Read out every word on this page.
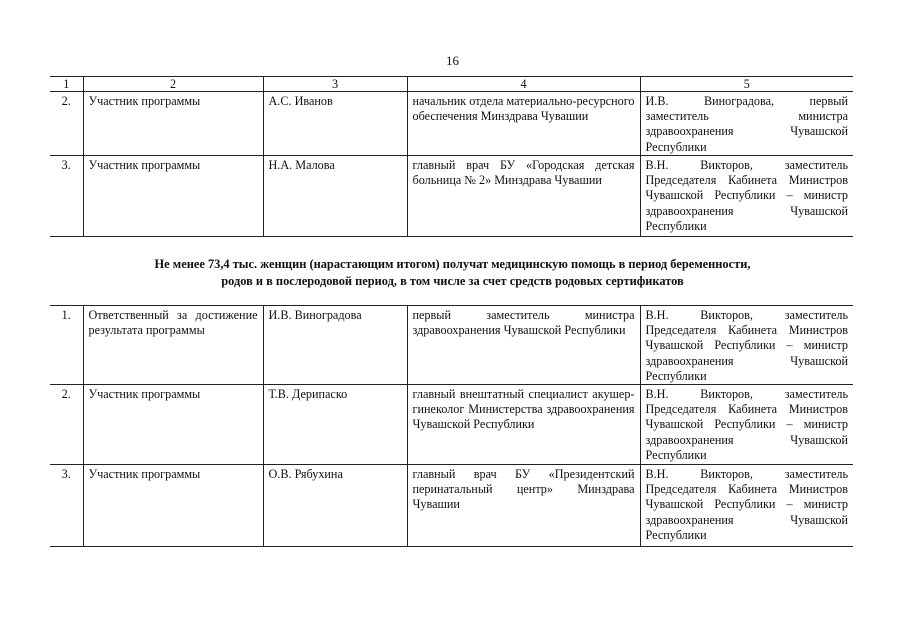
16
1	2	3	4	5
2.	Участник программы	А.С. Иванов	начальник отдела материально-ресурсного обеспечения Минздрава Чувашии	И.В. Виноградова, первый заместитель министра здравоохранения Чувашской Республики
3.	Участник программы	Н.А. Малова	главный врач БУ «Городская детская больница № 2» Минздрава Чувашии	В.Н. Викторов, заместитель Председателя Кабинета Министров Чувашской Республики – министр здравоохранения Чувашской Республики
Не менее 73,4 тыс. женщин (нарастающим итогом) получат медицинскую помощь в период беременности,
родов и в послеродовой период, в том числе за счет средств родовых сертификатов
1.	Ответственный за достижение результата программы	И.В. Виноградова	первый заместитель министра здравоохранения Чувашской Республики	В.Н. Викторов, заместитель Председателя Кабинета Министров Чувашской Республики – министр здравоохранения Чувашской Республики
2.	Участник программы	Т.В. Дерипаско	главный внештатный специалист акушер-гинеколог Министерства здравоохранения Чувашской Республики	В.Н. Викторов, заместитель Председателя Кабинета Министров Чувашской Республики – министр здравоохранения Чувашской Республики
3.	Участник программы	О.В. Рябухина	главный врач БУ «Президентский перинатальный центр» Минздрава Чувашии	В.Н. Викторов, заместитель Председателя Кабинета Министров Чувашской Республики – министр здравоохранения Чувашской Республики
